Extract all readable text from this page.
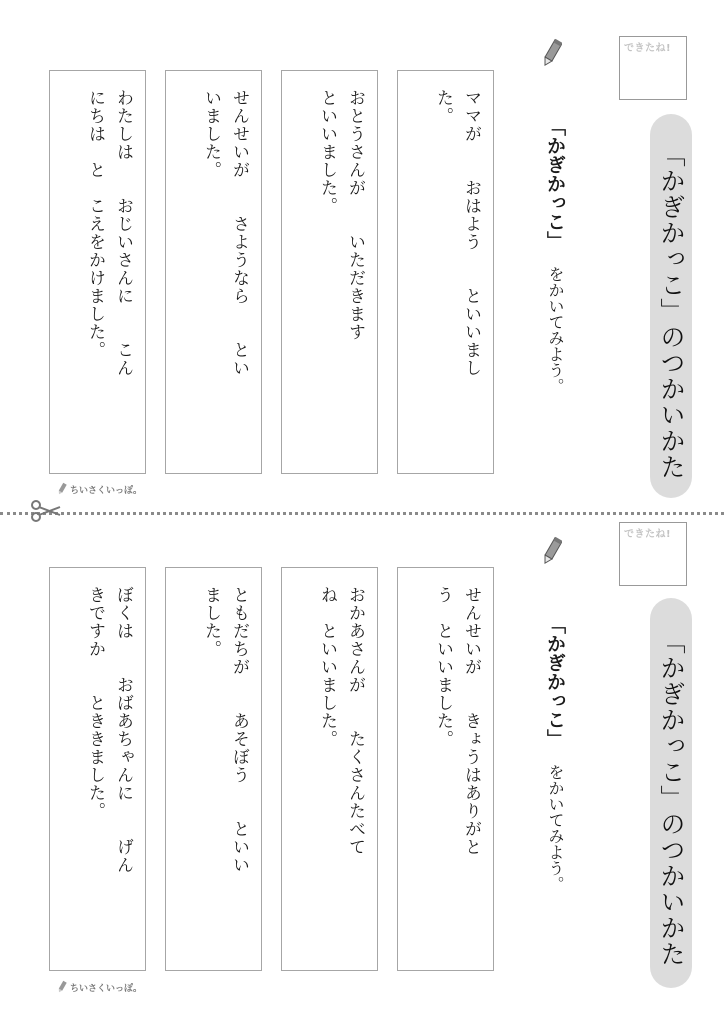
「かぎかっこ」のつかいかた
できたね!
「かぎかっこ」
をかいてみよう。
ママが　　おはよう　　といいまし
た。
おとうさんが　　いただきます
といいました。
せんせいが　　さようなら　　とい
いました。
わたしは　　おじいさんに　　こん
にちは　と　こえをかけました。
ちいさくいっぽ。
「かぎかっこ」のつかいかた
できたね!
「かぎかっこ」
をかいてみよう。
せんせいが　　きょうはありがと
う　といいました。
おかあさんが　　たくさんたべて
ね　といいました。
ともだちが　　あそぼう　　といい
ました。
ぼくは　　おばあちゃんに　　げん
きですか　　とききました。
ちいさくいっぽ。
